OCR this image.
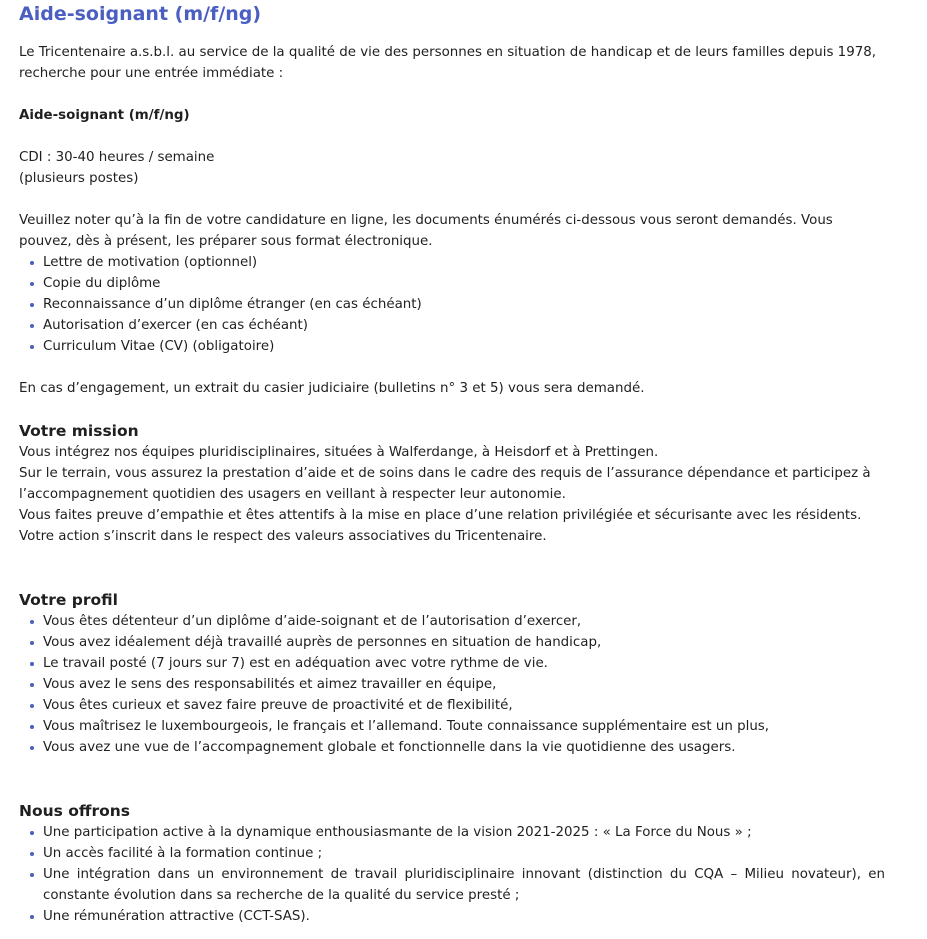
Aide-soignant (m/f/ng)

Le Tricentenaire a.s.b.l. au service de la qualité de vie des personnes en situation de handicap et de leurs familles depuis 1978, recherche pour une entrée immédiate :

Aide-soignant (m/f/ng)

CDI : 30-40 heures / semaine

(plusieurs postes)

Veuillez noter qu’à la fin de votre candidature en ligne, les documents énumérés ci-dessous vous seront demandés. Vous pouvez, dès à présent, les préparer sous format électronique.

Lettre de motivation (optionnel)
Copie du diplôme
Reconnaissance d’un diplôme étranger (en cas échéant)
Autorisation d’exercer (en cas échéant)
Curriculum Vitae (CV) (obligatoire)

En cas d’engagement, un extrait du casier judiciaire (bulletins n° 3 et 5) vous sera demandé.

Votre mission

Vous intégrez nos équipes pluridisciplinaires, situées à Walferdange, à Heisdorf et à Prettingen.

Sur le terrain, vous assurez la prestation d’aide et de soins dans le cadre des requis de l’assurance dépendance et participez à l’accompagnement quotidien des usagers en veillant à respecter leur autonomie.

Vous faites preuve d’empathie et êtes attentifs à la mise en place d’une relation privilégiée et sécurisante avec les résidents.

Votre action s’inscrit dans le respect des valeurs associatives du Tricentenaire.

Votre profil
Vous êtes détenteur d’un diplôme d’aide-soignant et de l’autorisation d’exercer,
Vous avez idéalement déjà travaillé auprès de personnes en situation de handicap,
Le travail posté (7 jours sur 7) est en adéquation avec votre rythme de vie.
Vous avez le sens des responsabilités et aimez travailler en équipe,
Vous êtes curieux et savez faire preuve de proactivité et de flexibilité,
Vous maîtrisez le luxembourgeois, le français et l’allemand. Toute connaissance supplémentaire est un plus,
Vous avez une vue de l’accompagnement globale et fonctionnelle dans la vie quotidienne des usagers.
Nous offrons
Une participation active à la dynamique enthousiasmante de la vision 2021-2025 : « La Force du Nous » ;
Un accès facilité à la formation continue ;
Une intégration dans un environnement de travail pluridisciplinaire innovant (distinction du CQA – Milieu novateur), en constante évolution dans sa recherche de la qualité du service presté ;
Une rémunération attractive (CCT-SAS).
